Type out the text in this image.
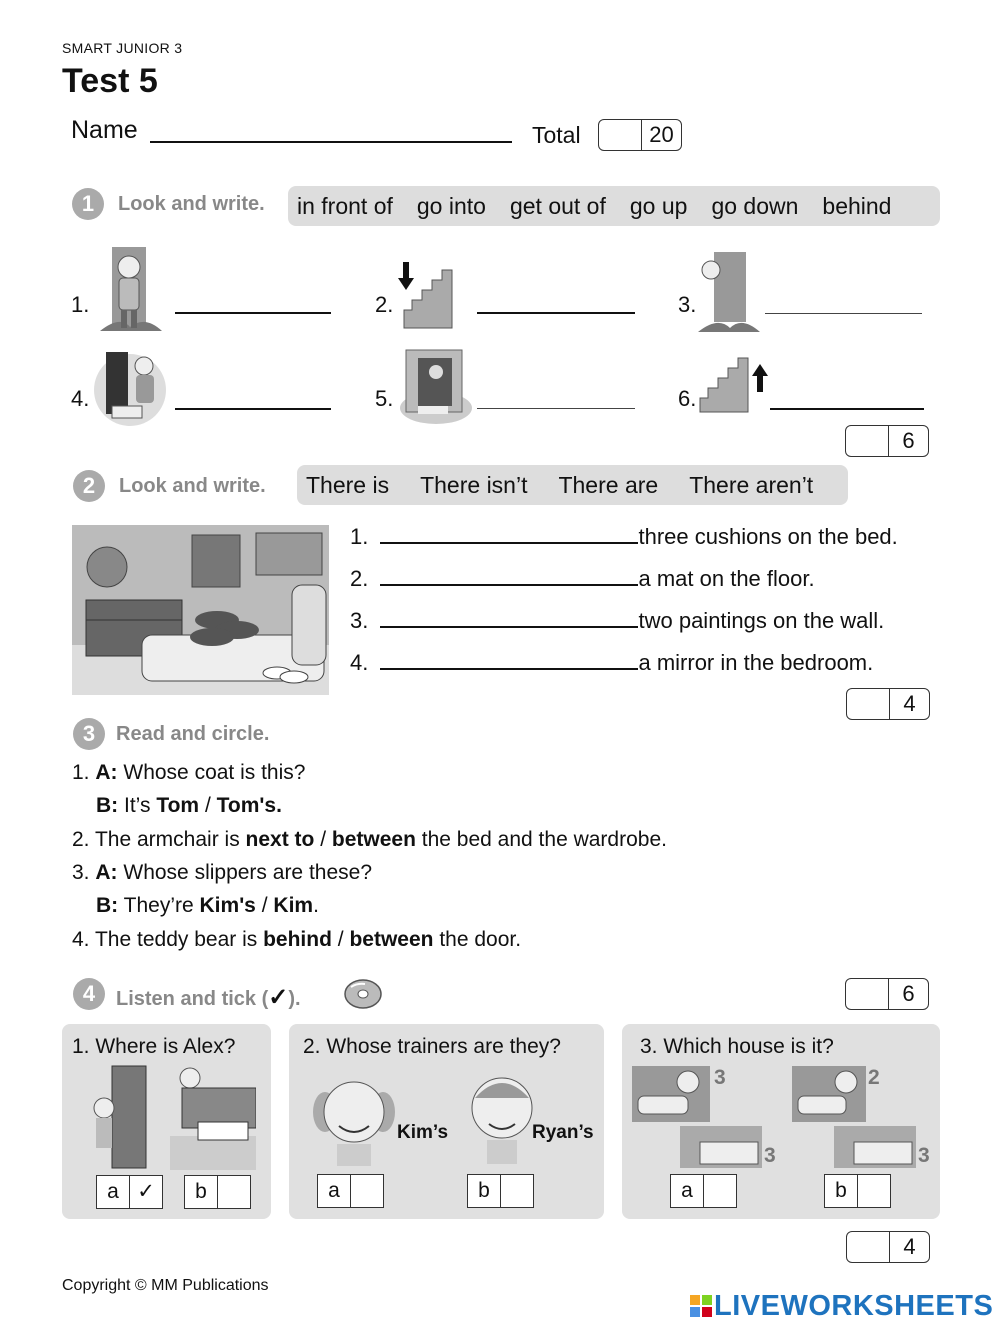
SMART JUNIOR 3
Test 5
Name	Total	20
1	Look and write. in front of go into get out of go up go down behind
1.	2.	3.
4.	5.	6.
6
2	Look and write. There is There isn’t There are There aren’t
1.	three cushions on the bed.
2.	a mat on the floor.
3.	two paintings on the wall.
4.	a mirror in the bedroom.
4
3	Read and circle.
1. A: Whose coat is this?
B: It’s Tom / Tom's.
2. The armchair is next to / between the bed and the wardrobe.
3. A: Whose slippers are these?
B: They’re Kim's / Kim.
4. The teddy bear is behind / between the door.
4	Listen and tick (✓).	6
1. Where is Alex?
a ✓	b
2. Whose trainers are they?
Kim’s	Ryan’s
a	b
3. Which house is it?
3
3
2
3
a	b
4
Copyright © MM Publications
LIVEWORKSHEETS
